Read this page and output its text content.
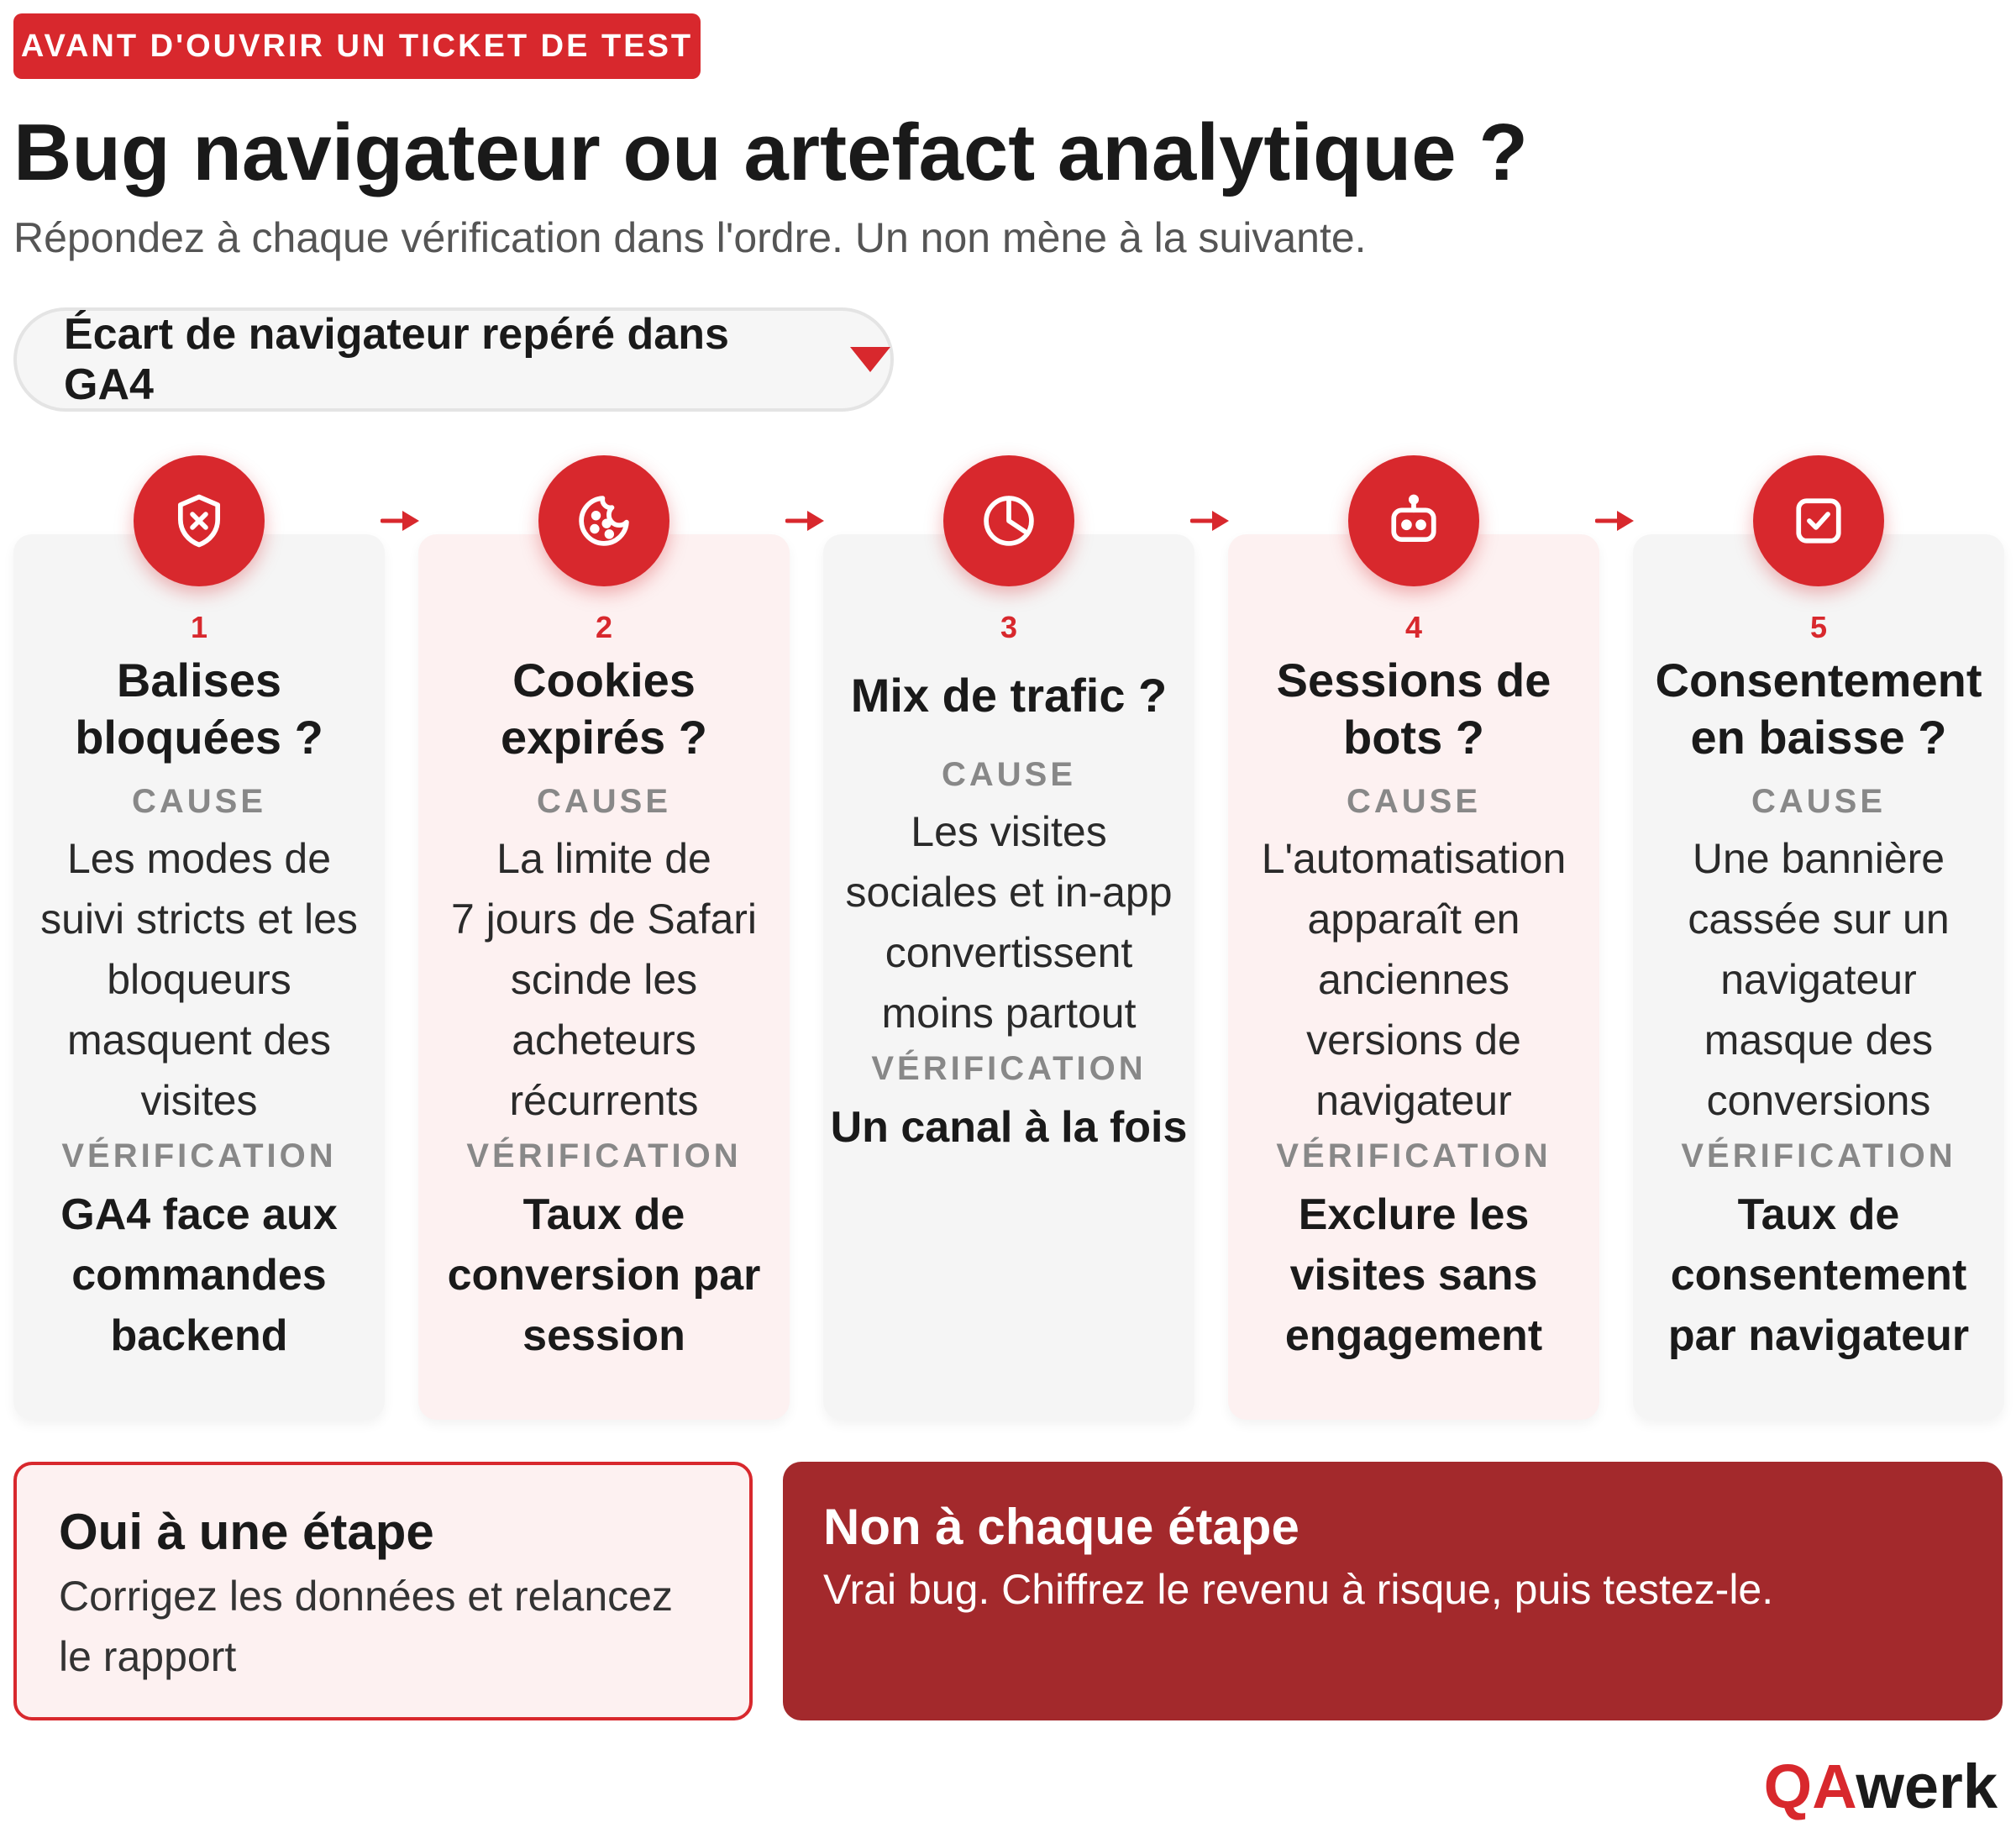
AVANT D'OUVRIR UN TICKET DE TEST
Bug navigateur ou artefact analytique ?

Répondez à chaque vérification dans l'ordre. Un non mène à la suivante.

Écart de navigateur repéré dans GA4
1
Balises
bloquées ?
CAUSE
Les modes de
suivi stricts et les
bloqueurs
masquent des
visites
VÉRIFICATION
GA4 face aux
commandes
backend
2
Cookies
expirés ?
CAUSE
La limite de
7 jours de Safari
scinde les
acheteurs
récurrents
VÉRIFICATION
Taux de
conversion par
session
3
Mix de trafic ?
CAUSE
Les visites
sociales et in-app
convertissent
moins partout
VÉRIFICATION
Un canal à la fois
4
Sessions de
bots ?
CAUSE
L'automatisation
apparaît en
anciennes
versions de
navigateur
VÉRIFICATION
Exclure les
visites sans
engagement
5
Consentement
en baisse ?
CAUSE
Une bannière
cassée sur un
navigateur
masque des
conversions
VÉRIFICATION
Taux de
consentement
par navigateur
Oui à une étape
Corrigez les données et relancez le rapport
Non à chaque étape
Vrai bug. Chiffrez le revenu à risque, puis testez-le.
QAwerk
